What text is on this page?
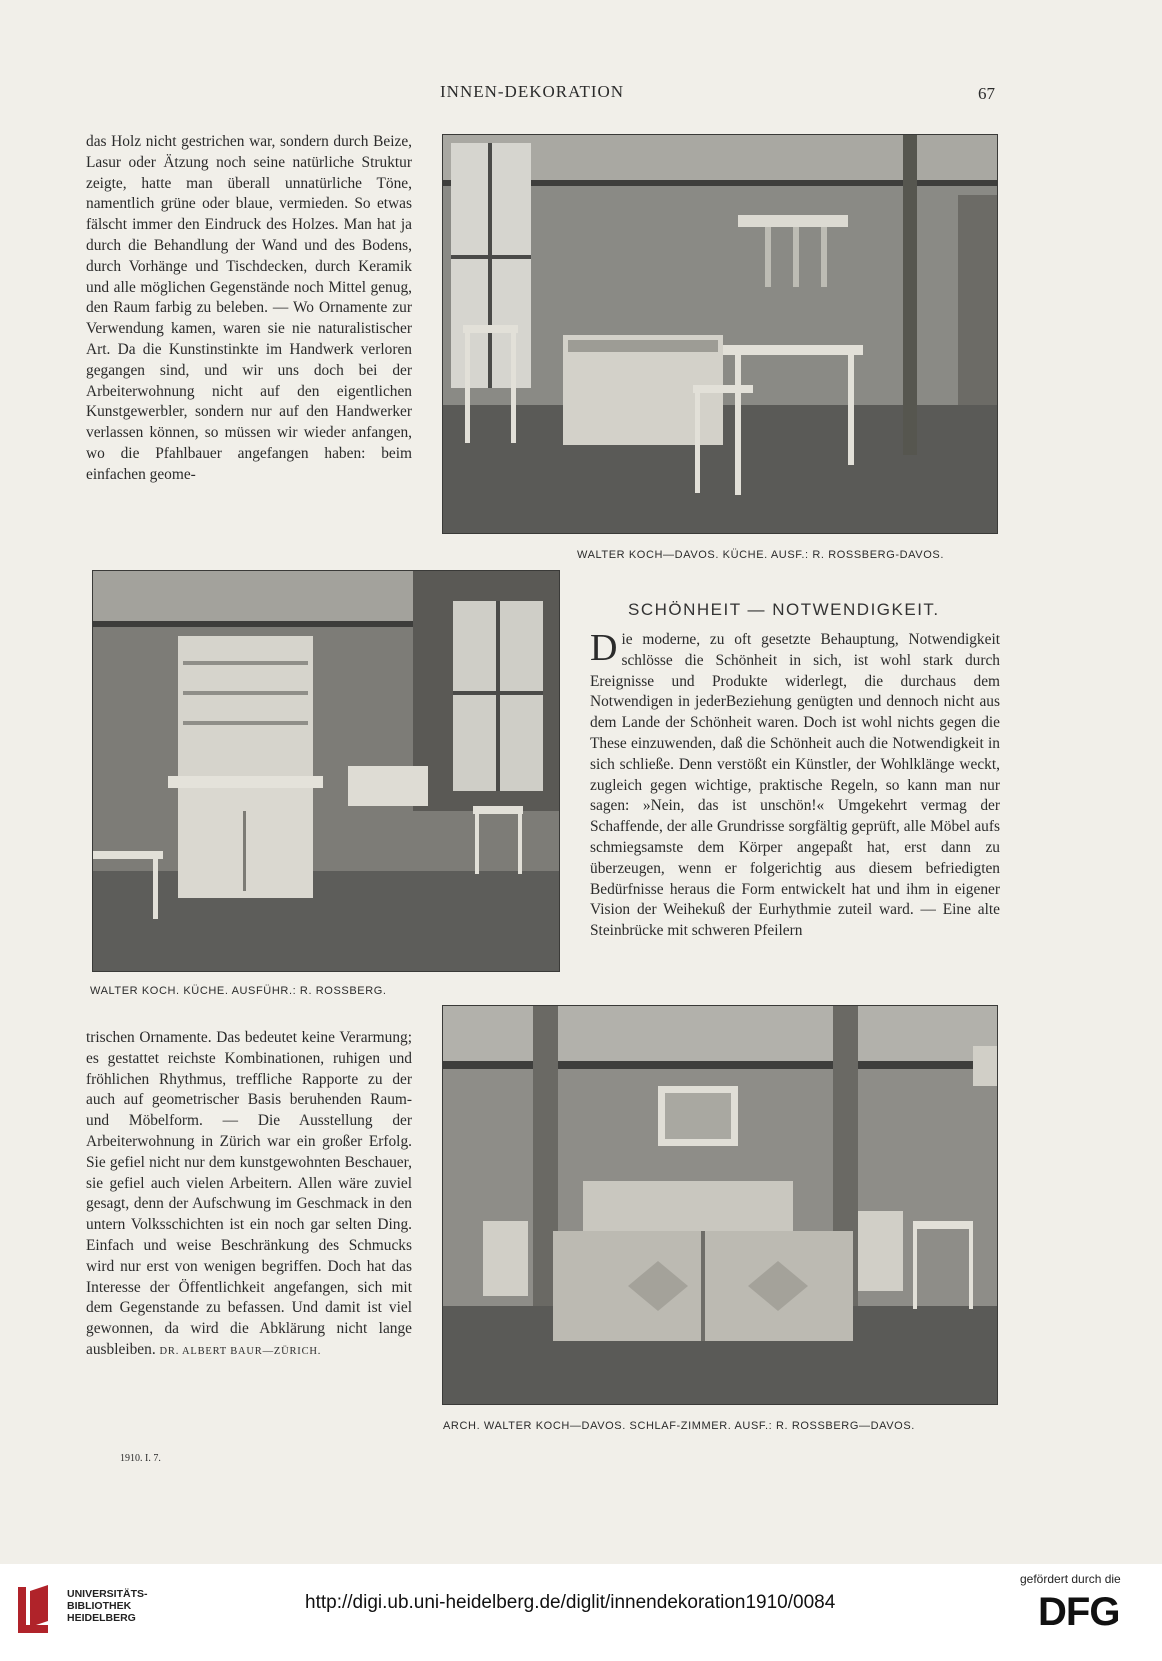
INNEN-DEKORATION	67

das Holz nicht gestrichen war, sondern durch Beize, Lasur oder Ätzung noch seine natürliche Struktur zeigte, hatte man überall unnatürliche Töne, namentlich grüne oder blaue, vermieden. So etwas fälscht immer den Eindruck des Holzes. Man hat ja durch die Behandlung der Wand und des Bodens, durch Vorhänge und Tischdecken, durch Keramik und alle möglichen Gegenstände noch Mittel genug, den Raum farbig zu beleben. — Wo Ornamente zur Verwendung kamen, waren sie nie naturalistischer Art. Da die Kunstinstinkte im Handwerk verloren gegangen sind, und wir uns doch bei der Arbeiterwohnung nicht auf den eigentlichen Kunstgewerbler, sondern nur auf den Handwerker verlassen können, so müssen wir wieder anfangen, wo die Pfahlbauer angefangen haben: beim einfachen geome-

WALTER KOCH—DAVOS. KÜCHE. AUSF.: R. ROSSBERG-DAVOS.
WALTER KOCH. KÜCHE. AUSFÜHR.: R. ROSSBERG.
SCHÖNHEIT — NOTWENDIGKEIT.
D ie moderne, zu oft gesetzte Behauptung, Notwendigkeit schlösse die Schönheit in sich, ist wohl stark durch Ereignisse und Produkte widerlegt, die durchaus dem Notwendigen in jederBeziehung genügten und dennoch nicht aus dem Lande der Schönheit waren. Doch ist wohl nichts gegen die These einzuwenden, daß die Schönheit auch die Notwendigkeit in sich schließe. Denn verstößt ein Künstler, der Wohlklänge weckt, zugleich gegen wichtige, praktische Regeln, so kann man nur sagen: »Nein, das ist unschön!« Umgekehrt vermag der Schaffende, der alle Grundrisse sorgfältig geprüft, alle Möbel aufs schmiegsamste dem Körper angepaßt hat, erst dann zu überzeugen, wenn er folgerichtig aus diesem befriedigten Bedürfnisse heraus die Form entwickelt hat und ihm in eigener Vision der Weihekuß der Eurhythmie zuteil ward. — Eine alte Steinbrücke mit schweren Pfeilern

trischen Ornamente. Das bedeutet keine Verarmung; es gestattet reichste Kombinationen, ruhigen und fröhlichen Rhythmus, treffliche Rapporte zu der auch auf geometrischer Basis beruhenden Raum- und Möbelform. — Die Ausstellung der Arbeiterwohnung in Zürich war ein großer Erfolg. Sie gefiel nicht nur dem kunstgewohnten Beschauer, sie gefiel auch vielen Arbeitern. Allen wäre zuviel gesagt, denn der Aufschwung im Geschmack in den untern Volksschichten ist ein noch gar selten Ding. Einfach und weise Beschränkung des Schmucks wird nur erst von wenigen begriffen. Doch hat das Interesse der Öffentlichkeit angefangen, sich mit dem Gegenstande zu befassen. Und damit ist viel gewonnen, da wird die Abklärung nicht lange ausbleiben. DR. ALBERT BAUR—ZÜRICH.

ARCH. WALTER KOCH—DAVOS. SCHLAF-ZIMMER. AUSF.: R. ROSSBERG—DAVOS.
1910. I. 7.
UNIVERSITÄTS-
BIBLIOTHEK
HEIDELBERG
http://digi.ub.uni-heidelberg.de/diglit/innendekoration1910/0084
gefördert durch die
DFG
